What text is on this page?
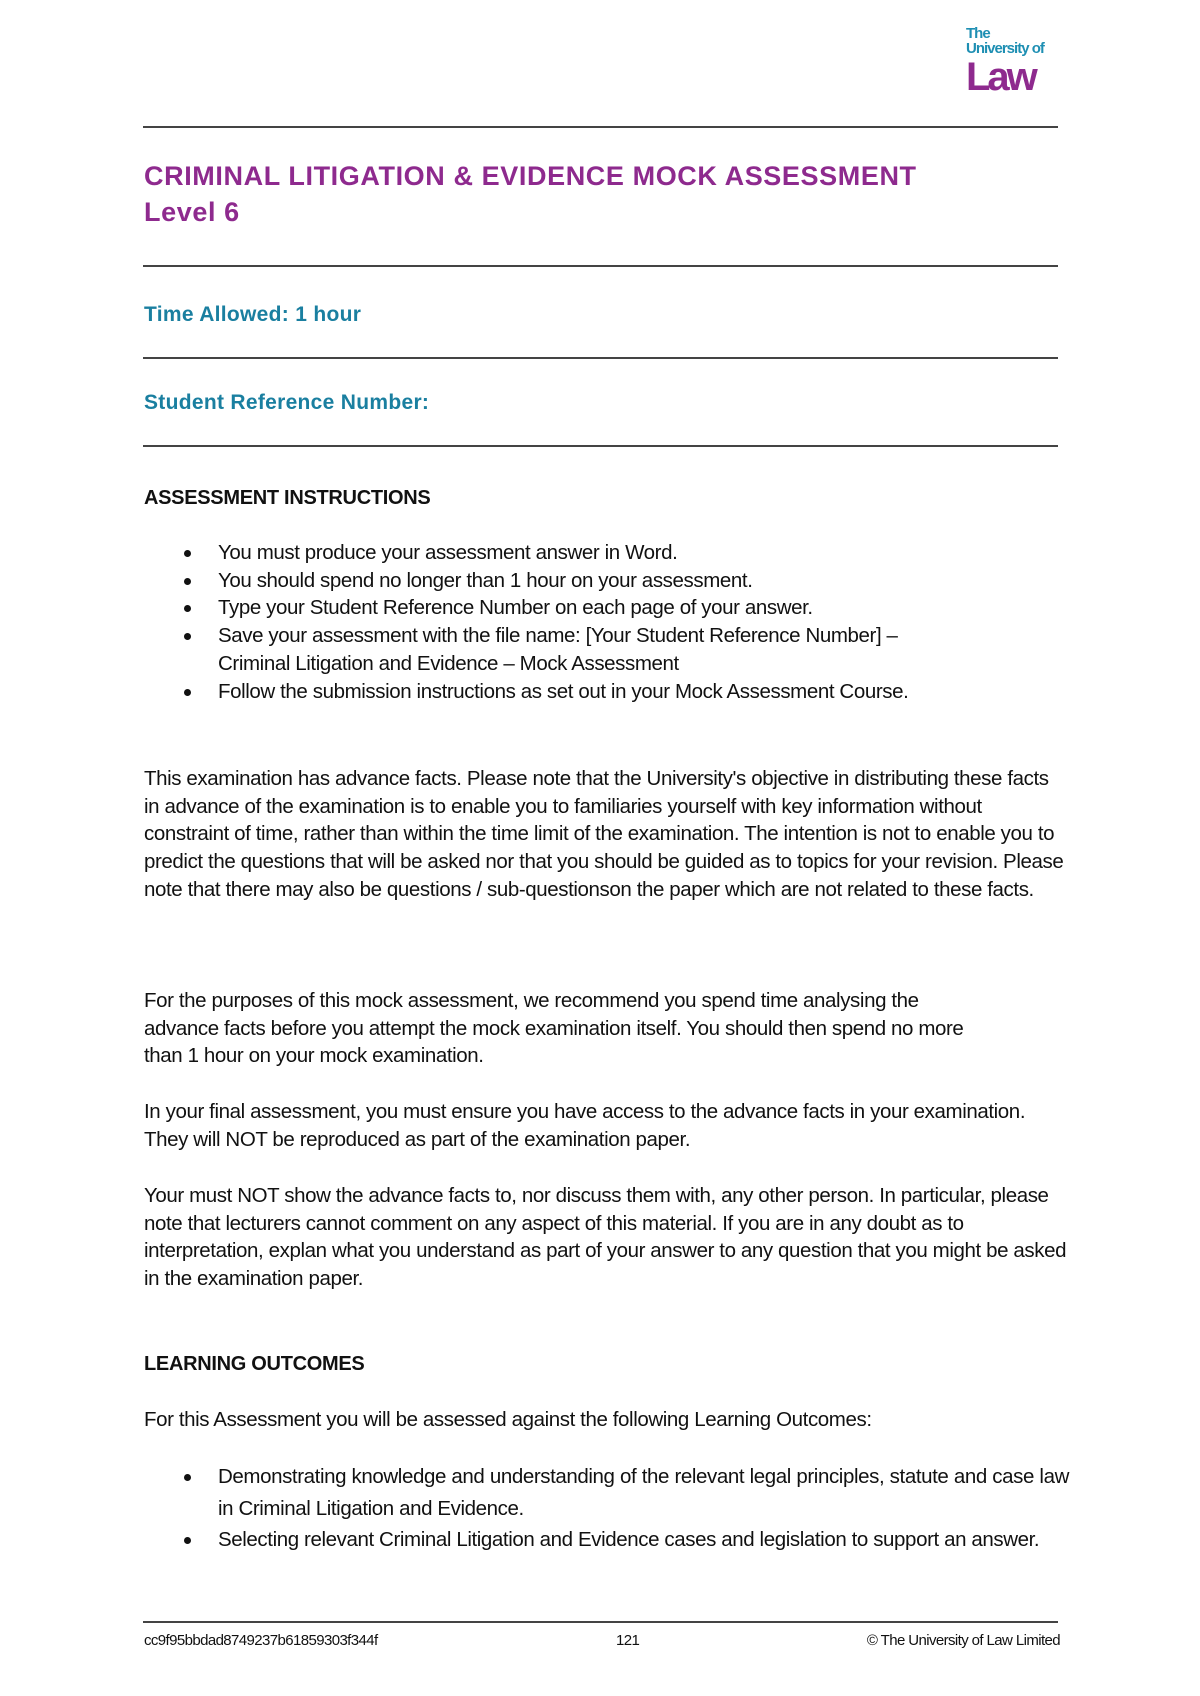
The
University of
Law
CRIMINAL LITIGATION & EVIDENCE MOCK ASSESSMENT
Level 6
Time Allowed: 1 hour
Student Reference Number:
ASSESSMENT INSTRUCTIONS
You must produce your assessment answer in Word.
You should spend no longer than 1 hour on your assessment.
Type your Student Reference Number on each page of your answer.
Save your assessment with the file name: [Your Student Reference Number] – Criminal Litigation and Evidence – Mock Assessment
Follow the submission instructions as set out in your Mock Assessment Course.
This examination has advance facts. Please note that the University's objective in distributing these facts in advance of the examination is to enable you to familiaries yourself with key information without constraint of time, rather than within the time limit of the examination. The intention is not to enable you to predict the questions that will be asked nor that you should be guided as to topics for your revision. Please note that there may also be questions / sub-questionson the paper which are not related to these facts.
For the purposes of this mock assessment, we recommend you spend time analysing the advance facts before you attempt the mock examination itself. You should then spend no more than 1 hour on your mock examination.
In your final assessment, you must ensure you have access to the advance facts in your examination. They will NOT be reproduced as part of the examination paper.
Your must NOT show the advance facts to, nor discuss them with, any other person. In particular, please note that lecturers cannot comment on any aspect of this material. If you are in any doubt as to interpretation, explan what you understand as part of your answer to any question that you might be asked in the examination paper.
LEARNING OUTCOMES
For this Assessment you will be assessed against the following Learning Outcomes:
Demonstrating knowledge and understanding of the relevant legal principles, statute and case law in Criminal Litigation and Evidence.
Selecting relevant Criminal Litigation and Evidence cases and legislation to support an answer.
cc9f95bbdad8749237b61859303f344f	121	© The University of Law Limited
